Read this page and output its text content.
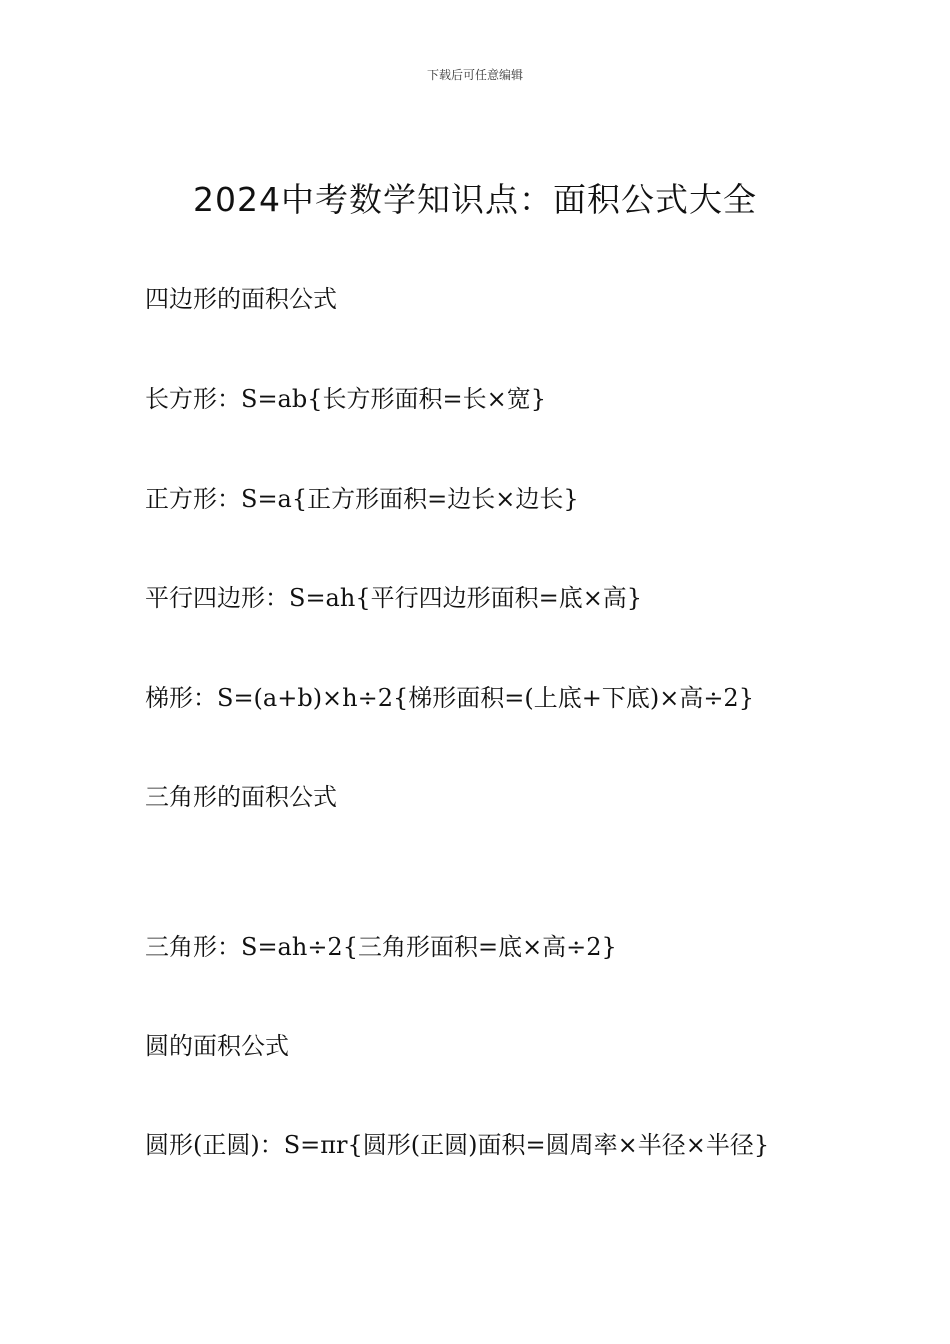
下载后可任意编辑
2024中考数学知识点：面积公式大全

四边形的面积公式

长方形：S=ab{长方形面积=长×宽}

正方形：S=a{正方形面积=边长×边长}

平行四边形：S=ah{平行四边形面积=底×高}

梯形：S=(a+b)×h÷2{梯形面积=(上底+下底)×高÷2}

三角形的面积公式

三角形：S=ah÷2{三角形面积=底×高÷2}

圆的面积公式

圆形(正圆)：S=πr{圆形(正圆)面积=圆周率×半径×半径}
